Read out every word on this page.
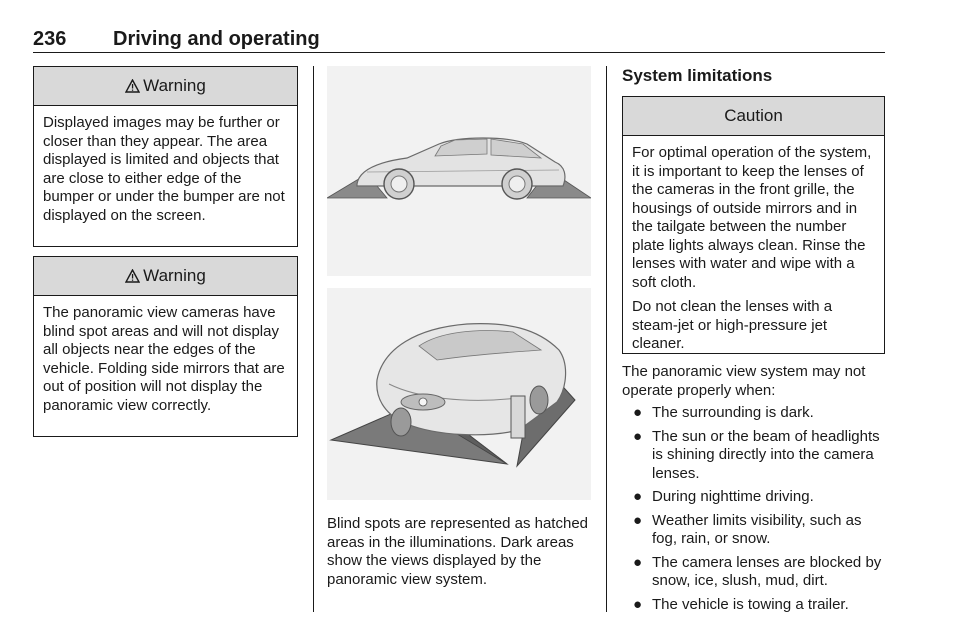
236 Driving and operating
Warning

Displayed images may be further or closer than they appear. The area displayed is limited and objects that are close to either edge of the bumper or under the bumper are not displayed on the screen.

Warning

The panoramic view cameras have blind spot areas and will not display all objects near the edges of the vehicle. Folding side mirrors that are out of position will not display the panoramic view correctly.

Blind spots are represented as hatched areas in the illuminations. Dark areas show the views displayed by the panoramic view system.
System limitations
Caution

For optimal operation of the system, it is important to keep the lenses of the cameras in the front grille, the housings of outside mirrors and in the tailgate between the number plate lights always clean. Rinse the lenses with water and wipe with a soft cloth.

Do not clean the lenses with a steam-jet or high-pressure jet cleaner.

The panoramic view system may not operate properly when:

● The surrounding is dark.
● The sun or the beam of headlights is shining directly into the camera lenses.
● During nighttime driving.
● Weather limits visibility, such as fog, rain, or snow.
● The camera lenses are blocked by snow, ice, slush, mud, dirt.
● The vehicle is towing a trailer.
